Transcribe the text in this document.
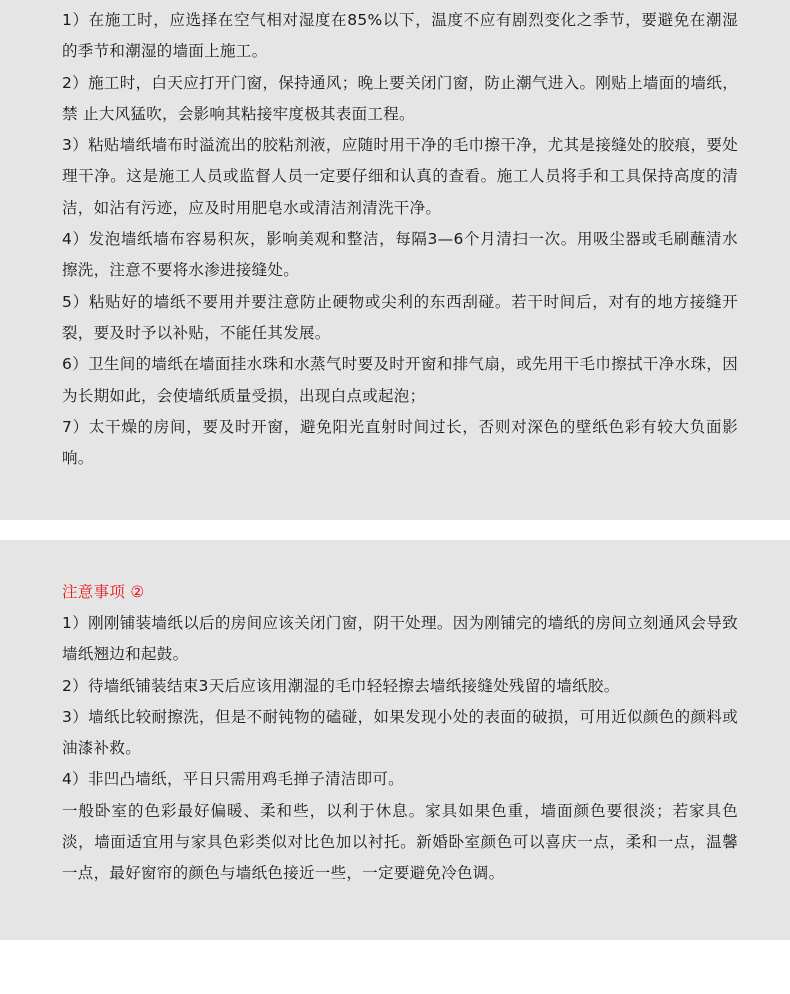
1）在施工时，应选择在空气相对湿度在85%以下，温度不应有剧烈变化之季节，要避免在潮湿的季节和潮湿的墙面上施工。

2）施工时，白天应打开门窗，保持通风；晚上要关闭门窗，防止潮气进入。刚贴上墙面的墙纸，禁 止大风猛吹，会影响其粘接牢度极其表面工程。

3）粘贴墙纸墙布时溢流出的胶粘剂液，应随时用干净的毛巾擦干净，尤其是接缝处的胶痕，要处理干净。这是施工人员或监督人员一定要仔细和认真的查看。施工人员将手和工具保持高度的清洁，如沾有污迹，应及时用肥皂水或清洁剂清洗干净。

4）发泡墙纸墙布容易积灰，影响美观和整洁，每隔3—6个月清扫一次。用吸尘器或毛刷蘸清水擦洗，注意不要将水渗进接缝处。

5）粘贴好的墙纸不要用并要注意防止硬物或尖利的东西刮碰。若干时间后，对有的地方接缝开裂，要及时予以补贴，不能任其发展。

6）卫生间的墙纸在墙面挂水珠和水蒸气时要及时开窗和排气扇，或先用干毛巾擦拭干净水珠，因为长期如此，会使墙纸质量受损，出现白点或起泡；

7）太干燥的房间，要及时开窗，避免阳光直射时间过长，否则对深色的壁纸色彩有较大负面影响。

注意事项 ②

1）刚刚铺装墙纸以后的房间应该关闭门窗，阴干处理。因为刚铺完的墙纸的房间立刻通风会导致墙纸翘边和起鼓。

2）待墙纸铺装结束3天后应该用潮湿的毛巾轻轻擦去墙纸接缝处残留的墙纸胶。

3）墙纸比较耐擦洗，但是不耐钝物的磕碰，如果发现小处的表面的破损，可用近似颜色的颜料或油漆补救。

4）非凹凸墙纸，平日只需用鸡毛掸子清洁即可。

一般卧室的色彩最好偏暖、柔和些，以利于休息。家具如果色重，墙面颜色要很淡；若家具色淡，墙面适宜用与家具色彩类似对比色加以衬托。新婚卧室颜色可以喜庆一点，柔和一点，温馨一点，最好窗帘的颜色与墙纸色接近一些，一定要避免冷色调。
